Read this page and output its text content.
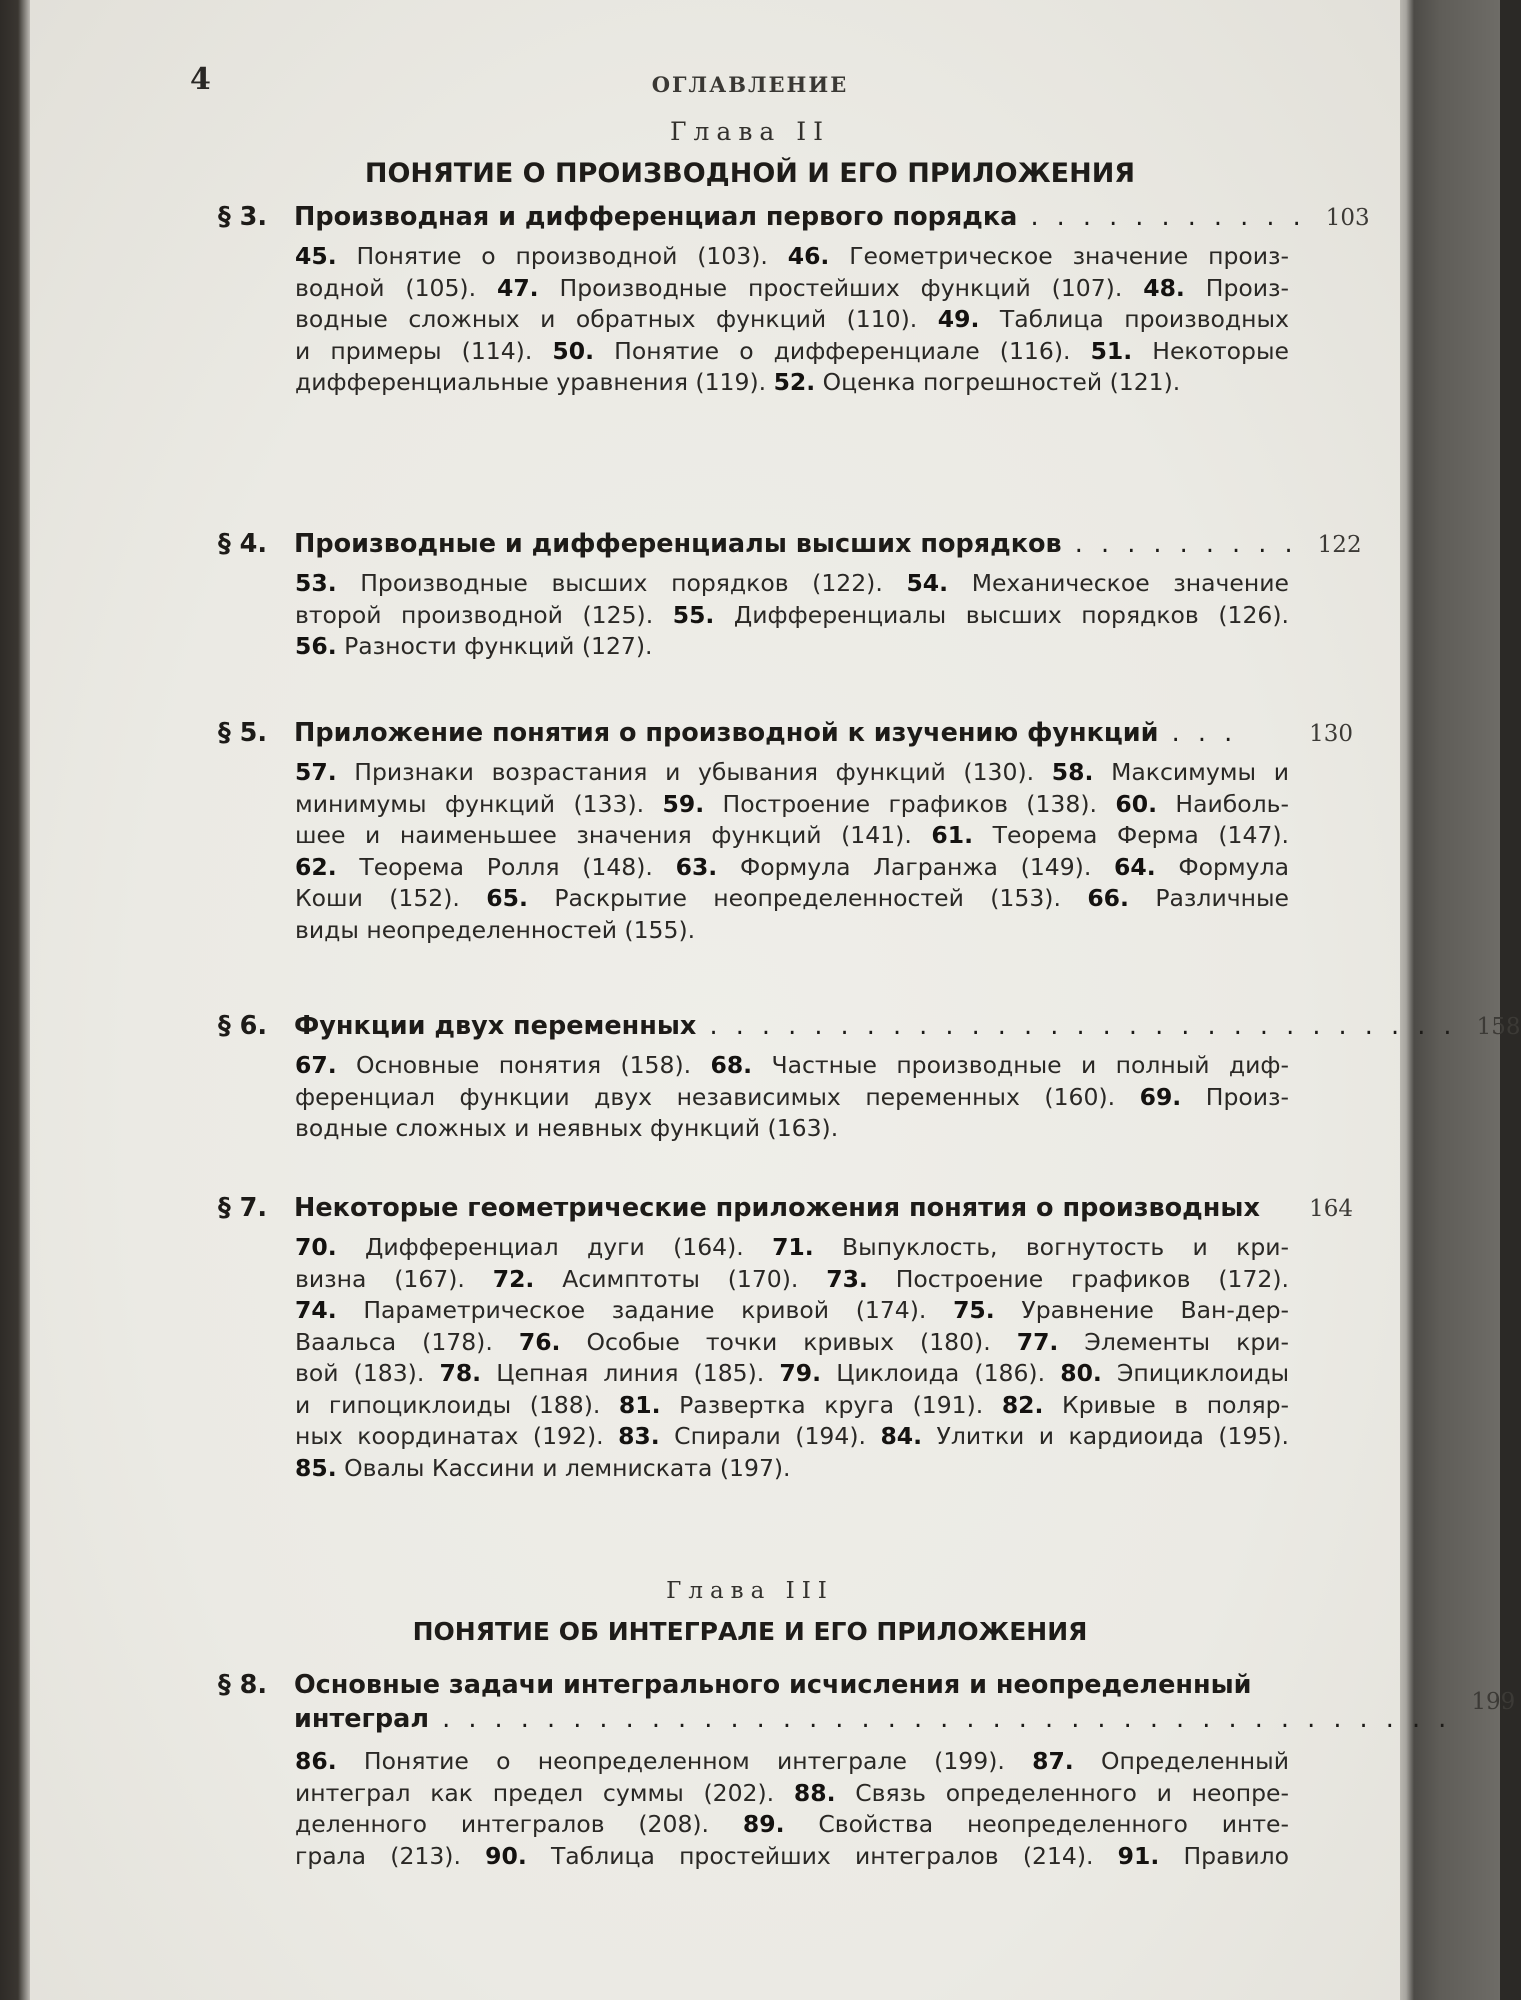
4	ОГЛАВЛЕНИЕ
Глава II
ПОНЯТИЕ О ПРОИЗВОДНОЙ И ЕГО ПРИЛОЖЕНИЯ
§ 3.	Производная и дифференциал первого порядка . . . . . . . . . . . 103
45. Понятие о производной (103). 46. Геометрическое значение произ-
водной (105). 47. Производные простейших функций (107). 48. Произ-
водные сложных и обратных функций (110). 49. Таблица производных
и примеры (114). 50. Понятие о дифференциале (116). 51. Некоторые
дифференциальные уравнения (119). 52. Оценка погрешностей (121).
§ 4.	Производные и дифференциалы высших порядков . . . . . . . . . 122
53. Производные высших порядков (122). 54. Механическое значение
второй производной (125). 55. Дифференциалы высших порядков (126).
56. Разности функций (127).
§ 5.	Приложение понятия о производной к изучению функций . . .	130
57. Признаки возрастания и убывания функций (130). 58. Максимумы и
минимумы функций (133). 59. Построение графиков (138). 60. Наиболь-
шее и наименьшее значения функций (141). 61. Теорема Ферма (147).
62. Теорема Ролля (148). 63. Формула Лагранжа (149). 64. Формула
Коши (152). 65. Раскрытие неопределенностей (153). 66. Различные
виды неопределенностей (155).
§ 6.	Функции двух переменных . . . . . . . . . . . . . . . . . . . . . . . . . . . . . 158
67. Основные понятия (158). 68. Частные производные и полный диф-
ференциал функции двух независимых переменных (160). 69. Произ-
водные сложных и неявных функций (163).
§ 7.	Некоторые геометрические приложения понятия о производных	164
70. Дифференциал дуги (164). 71. Выпуклость, вогнутость и кри-
визна (167). 72. Асимптоты (170). 73. Построение графиков (172).
74. Параметрическое задание кривой (174). 75. Уравнение Ван-дер-
Ваальса (178). 76. Особые точки кривых (180). 77. Элементы кри-
вой (183). 78. Цепная линия (185). 79. Циклоида (186). 80. Эпициклоиды
и гипоциклоиды (188). 81. Развертка круга (191). 82. Кривые в поляр-
ных координатах (192). 83. Спирали (194). 84. Улитки и кардиоида (195).
85. Овалы Кассини и лемниската (197).
Глава III
ПОНЯТИЕ ОБ ИНТЕГРАЛЕ И ЕГО ПРИЛОЖЕНИЯ
§ 8.	Основные задачи интегрального исчисления и неопределенный
интеграл . . . . . . . . . . . . . . . . . . . . . . . . . . . . . . . . . . . . . . .
199
86. Понятие о неопределенном интеграле (199). 87. Определенный
интеграл как предел суммы (202). 88. Связь определенного и неопре-
деленного интегралов (208). 89. Свойства неопределенного инте-
грала (213). 90. Таблица простейших интегралов (214). 91. Правило
